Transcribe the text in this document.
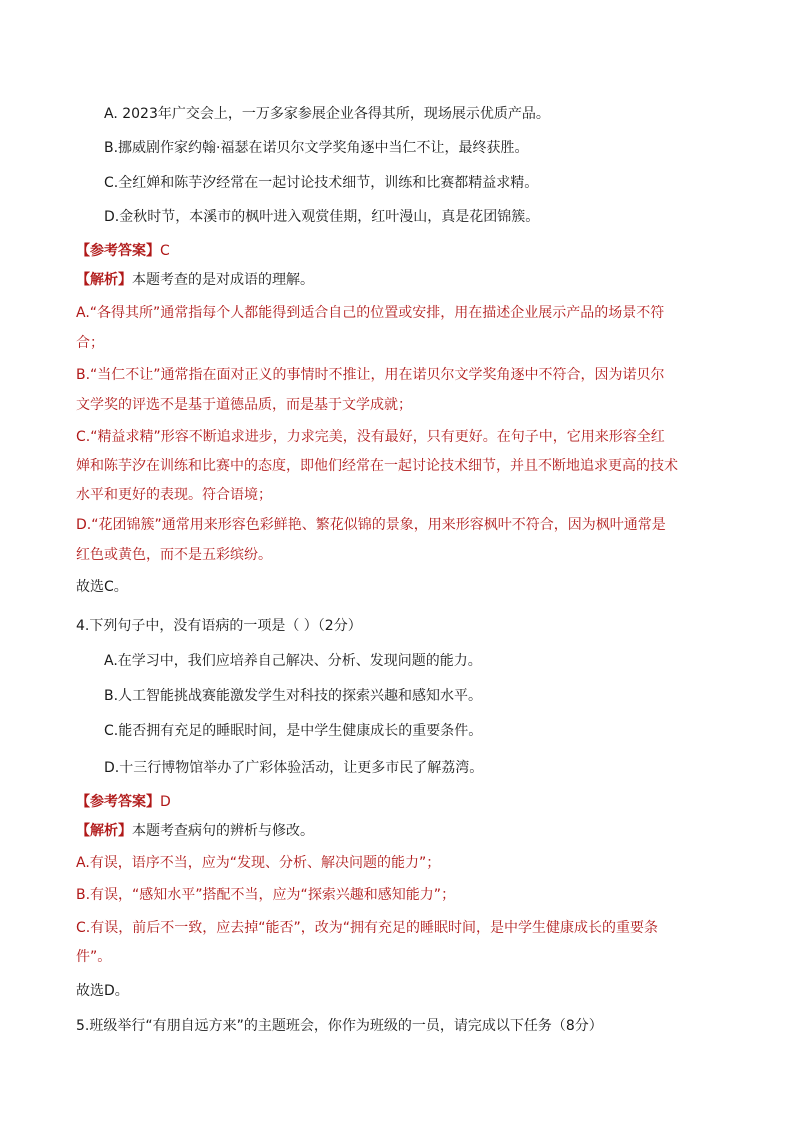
A. 2023年广交会上，一万多家参展企业各得其所，现场展示优质产品。
B.挪威剧作家约翰·福瑟在诺贝尔文学奖角逐中当仁不让，最终获胜。
C.全红婵和陈芋汐经常在一起讨论技术细节，训练和比赛都精益求精。
D.金秋时节，本溪市的枫叶进入观赏佳期，红叶漫山，真是花团锦簇。
【参考答案】C
【解析】本题考查的是对成语的理解。
A.“各得其所”通常指每个人都能得到适合自己的位置或安排，用在描述企业展示产品的场景不符
合；
B.“当仁不让”通常指在面对正义的事情时不推让，用在诺贝尔文学奖角逐中不符合，因为诺贝尔
文学奖的评选不是基于道德品质，而是基于文学成就；
C.“精益求精”形容不断追求进步，力求完美，没有最好，只有更好。在句子中，它用来形容全红
婵和陈芋汐在训练和比赛中的态度，即他们经常在一起讨论技术细节，并且不断地追求更高的技术
水平和更好的表现。符合语境；
D.“花团锦簇”通常用来形容色彩鲜艳、繁花似锦的景象，用来形容枫叶不符合，因为枫叶通常是
红色或黄色，而不是五彩缤纷。
故选C。
4.下列句子中，没有语病的一项是（ ）（2分）
A.在学习中，我们应培养自己解决、分析、发现问题的能力。
B.人工智能挑战赛能激发学生对科技的探索兴趣和感知水平。
C.能否拥有充足的睡眠时间，是中学生健康成长的重要条件。
D.十三行博物馆举办了广彩体验活动，让更多市民了解荔湾。
【参考答案】D
【解析】本题考查病句的辨析与修改。
A.有误，语序不当，应为“发现、分析、解决问题的能力”；
B.有误，“感知水平”搭配不当，应为“探索兴趣和感知能力”；
C.有误，前后不一致，应去掉“能否”，改为“拥有充足的睡眠时间，是中学生健康成长的重要条
件”。
故选D。
5.班级举行“有朋自远方来”的主题班会，你作为班级的一员，请完成以下任务（8分）
